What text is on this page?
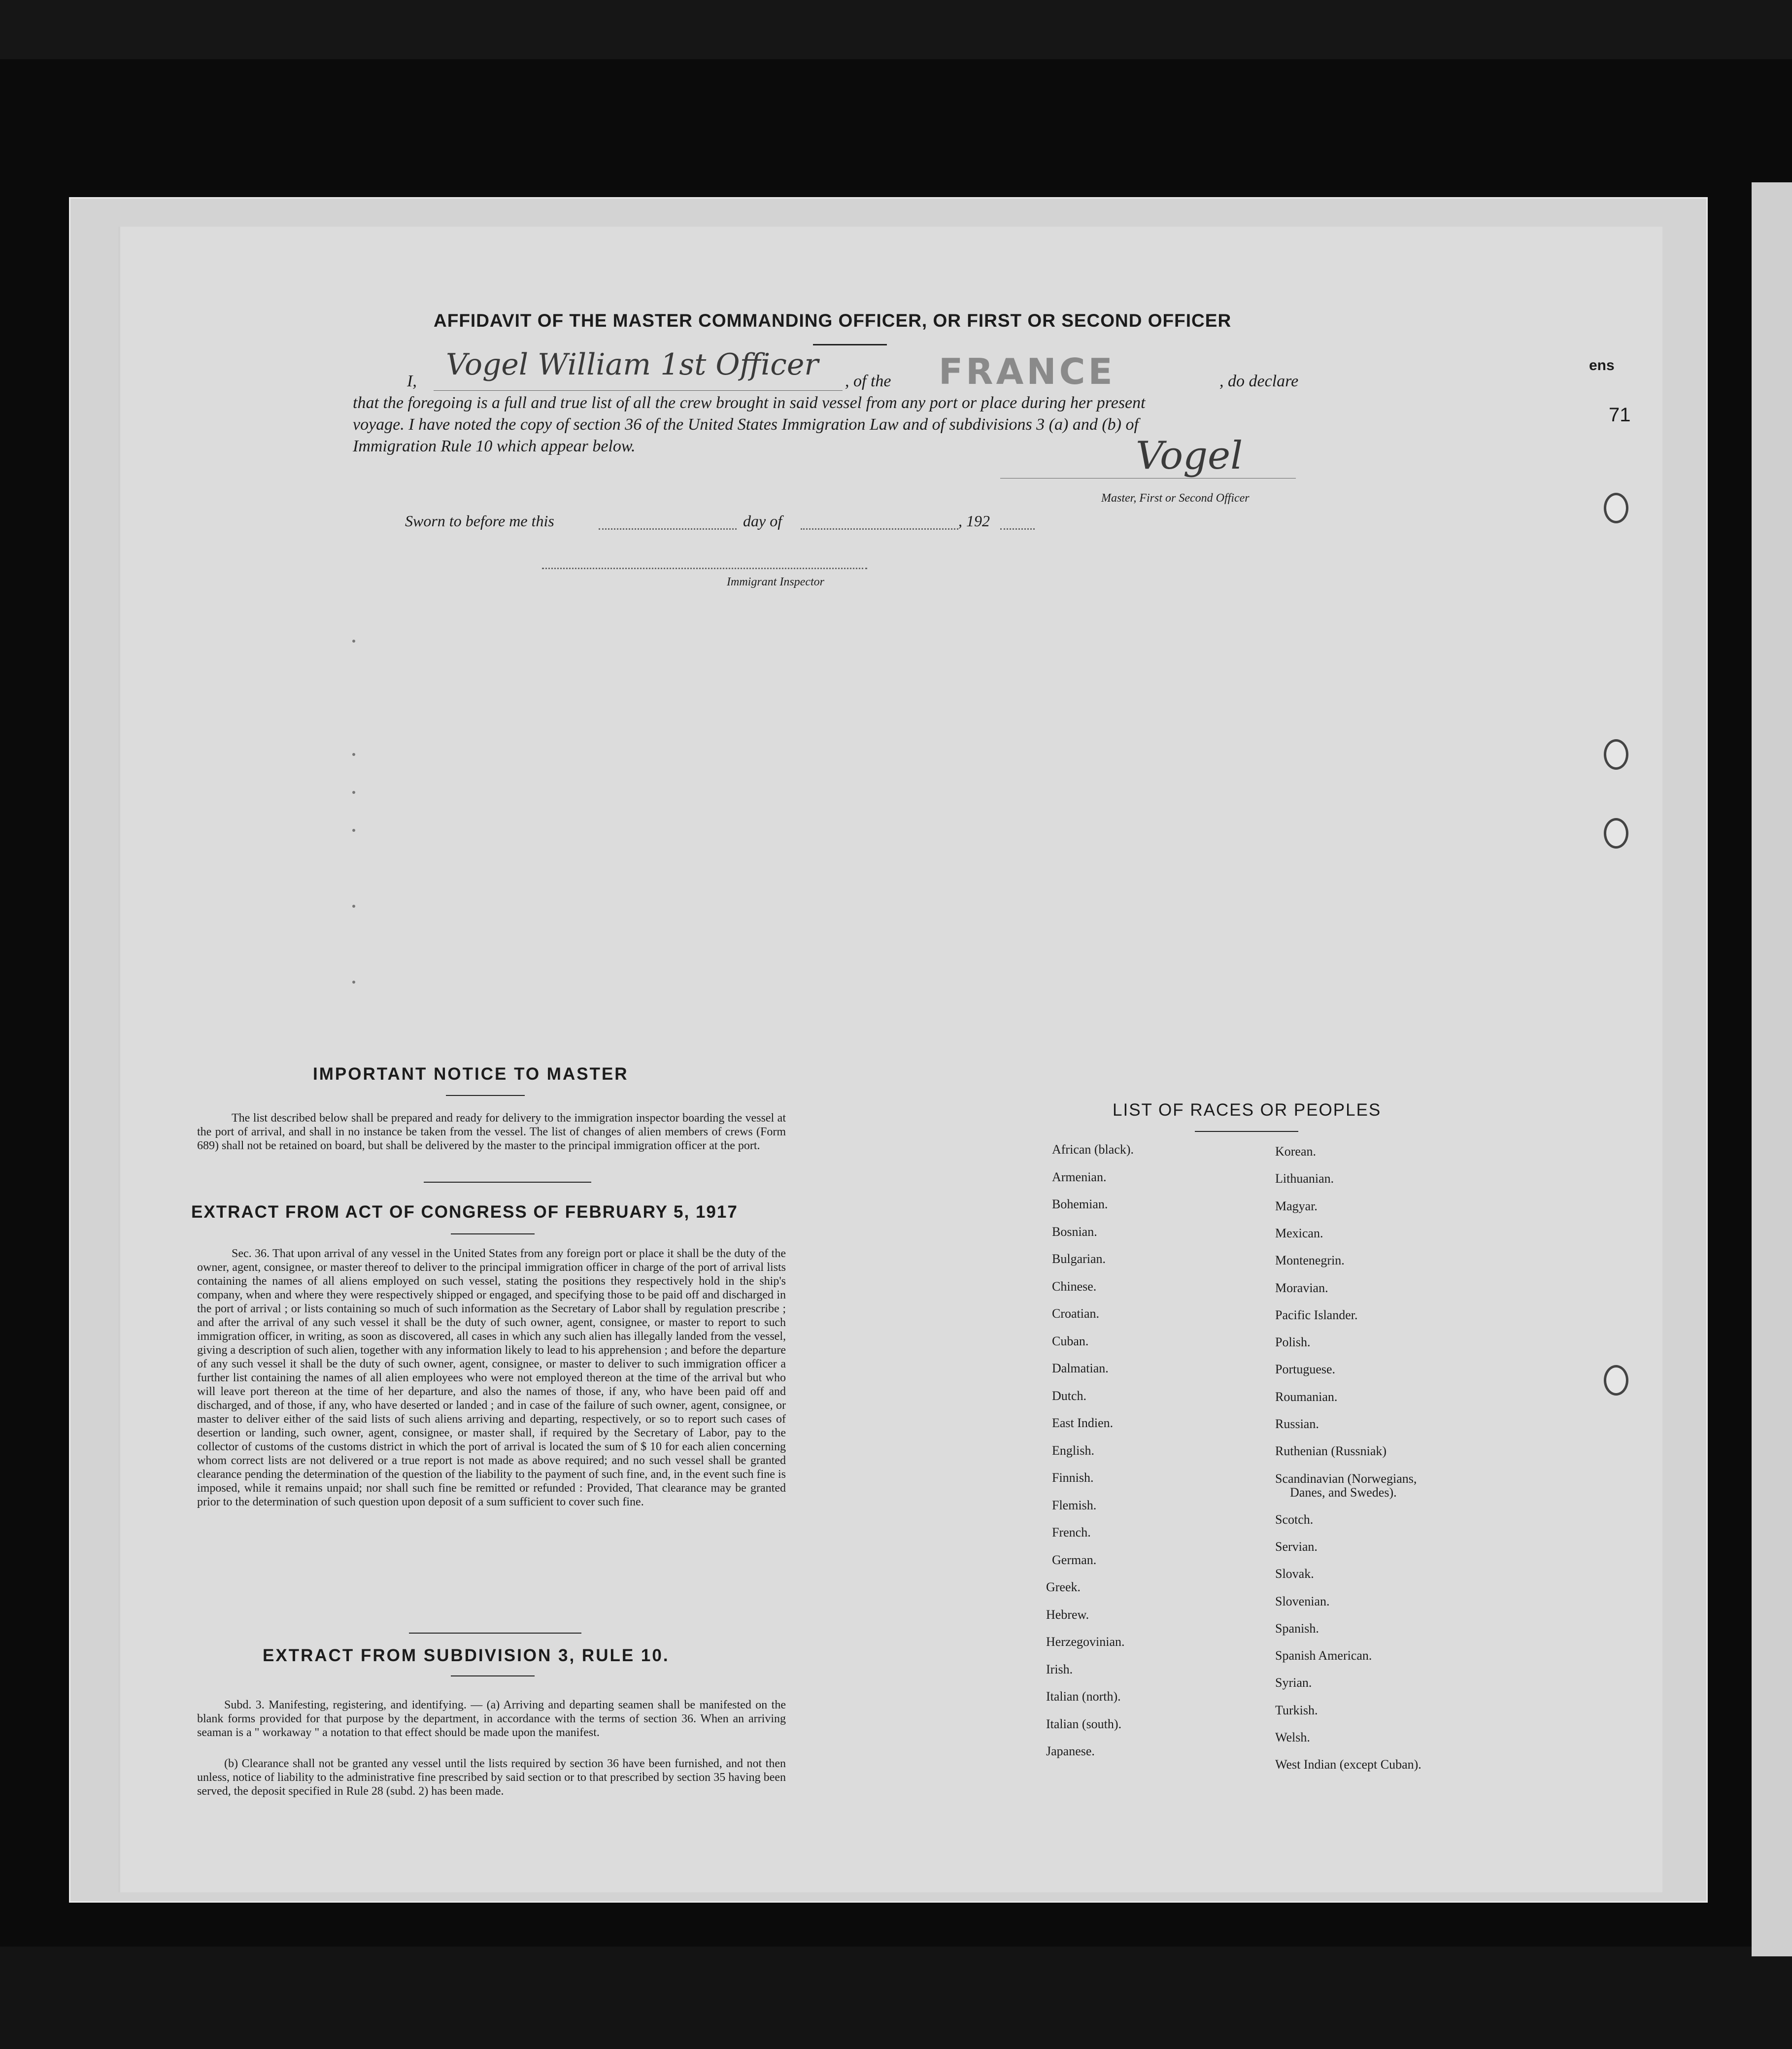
ens
71
AFFIDAVIT OF THE MASTER COMMANDING OFFICER, OR FIRST OR SECOND OFFICER
I, Vogel William 1st Officer , of the FRANCE	, do declare
that the foregoing is a full and true list of all the crew brought in said vessel from any port or place during her present
voyage. I have noted the copy of section 36 of the United States Immigration Law and of subdivisions 3 (a) and (b) of
Immigration Rule 10 which appear below.	Vogel
Master, First or Second Officer
Sworn to before me this	day of	, 192
Immigrant Inspector
IMPORTANT NOTICE TO MASTER
The list described below shall be prepared and ready for delivery to the immigration inspector boarding the vessel at the port of arrival, and shall in no instance be taken from the vessel. The list of changes of alien members of crews (Form 689) shall not be retained on board, but shall be delivered by the master to the principal immigration officer at the port.
EXTRACT FROM ACT OF CONGRESS OF FEBRUARY 5, 1917
Sec. 36. That upon arrival of any vessel in the United States from any foreign port or place it shall be the duty of the owner, agent, consignee, or master thereof to deliver to the principal immigration officer in charge of the port of arrival lists containing the names of all aliens employed on such vessel, stating the positions they respectively hold in the ship's company, when and where they were respectively shipped or engaged, and specifying those to be paid off and discharged in the port of arrival ; or lists containing so much of such information as the Secretary of Labor shall by regulation prescribe ; and after the arrival of any such vessel it shall be the duty of such owner, agent, consignee, or master to report to such immigration officer, in writing, as soon as discovered, all cases in which any such alien has illegally landed from the vessel, giving a description of such alien, together with any information likely to lead to his apprehension ; and before the departure of any such vessel it shall be the duty of such owner, agent, consignee, or master to deliver to such immigration officer a further list containing the names of all alien employees who were not employed thereon at the time of the arrival but who will leave port thereon at the time of her departure, and also the names of those, if any, who have been paid off and discharged, and of those, if any, who have deserted or landed ; and in case of the failure of such owner, agent, consignee, or master to deliver either of the said lists of such aliens arriving and departing, respectively, or so to report such cases of desertion or landing, such owner, agent, consignee, or master shall, if required by the Secretary of Labor, pay to the collector of customs of the customs district in which the port of arrival is located the sum of $ 10 for each alien concerning whom correct lists are not delivered or a true report is not made as above required; and no such vessel shall be granted clearance pending the determination of the question of the liability to the payment of such fine, and, in the event such fine is imposed, while it remains unpaid; nor shall such fine be remitted or refunded : Provided, That clearance may be granted prior to the determination of such question upon deposit of a sum sufficient to cover such fine.
EXTRACT FROM SUBDIVISION 3, RULE 10.
Subd. 3. Manifesting, registering, and identifying. — (a) Arriving and departing seamen shall be manifested on the blank forms provided for that purpose by the department, in accordance with the terms of section 36. When an arriving seaman is a " workaway " a notation to that effect should be made upon the manifest.
(b) Clearance shall not be granted any vessel until the lists required by section 36 have been furnished, and not then unless, notice of liability to the administrative fine prescribed by said section or to that prescribed by section 35 having been served, the deposit specified in Rule 28 (subd. 2) has been made.
LIST OF RACES OR PEOPLES
African (black).
Armenian.
Bohemian.
Bosnian.
Bulgarian.
Chinese.
Croatian.
Cuban.
Dalmatian.
Dutch.
East Indien.
English.
Finnish.
Flemish.
French.
German.
Greek.
Hebrew.
Herzegovinian.
Irish.
Italian (north).
Italian (south).
Japanese.
Korean.
Lithuanian.
Magyar.
Mexican.
Montenegrin.
Moravian.
Pacific Islander.
Polish.
Portuguese.
Roumanian.
Russian.
Ruthenian (Russniak)
Scandinavian (Norwegians,
Danes, and Swedes).
Scotch.
Servian.
Slovak.
Slovenian.
Spanish.
Spanish American.
Syrian.
Turkish.
Welsh.
West Indian (except Cuban).
